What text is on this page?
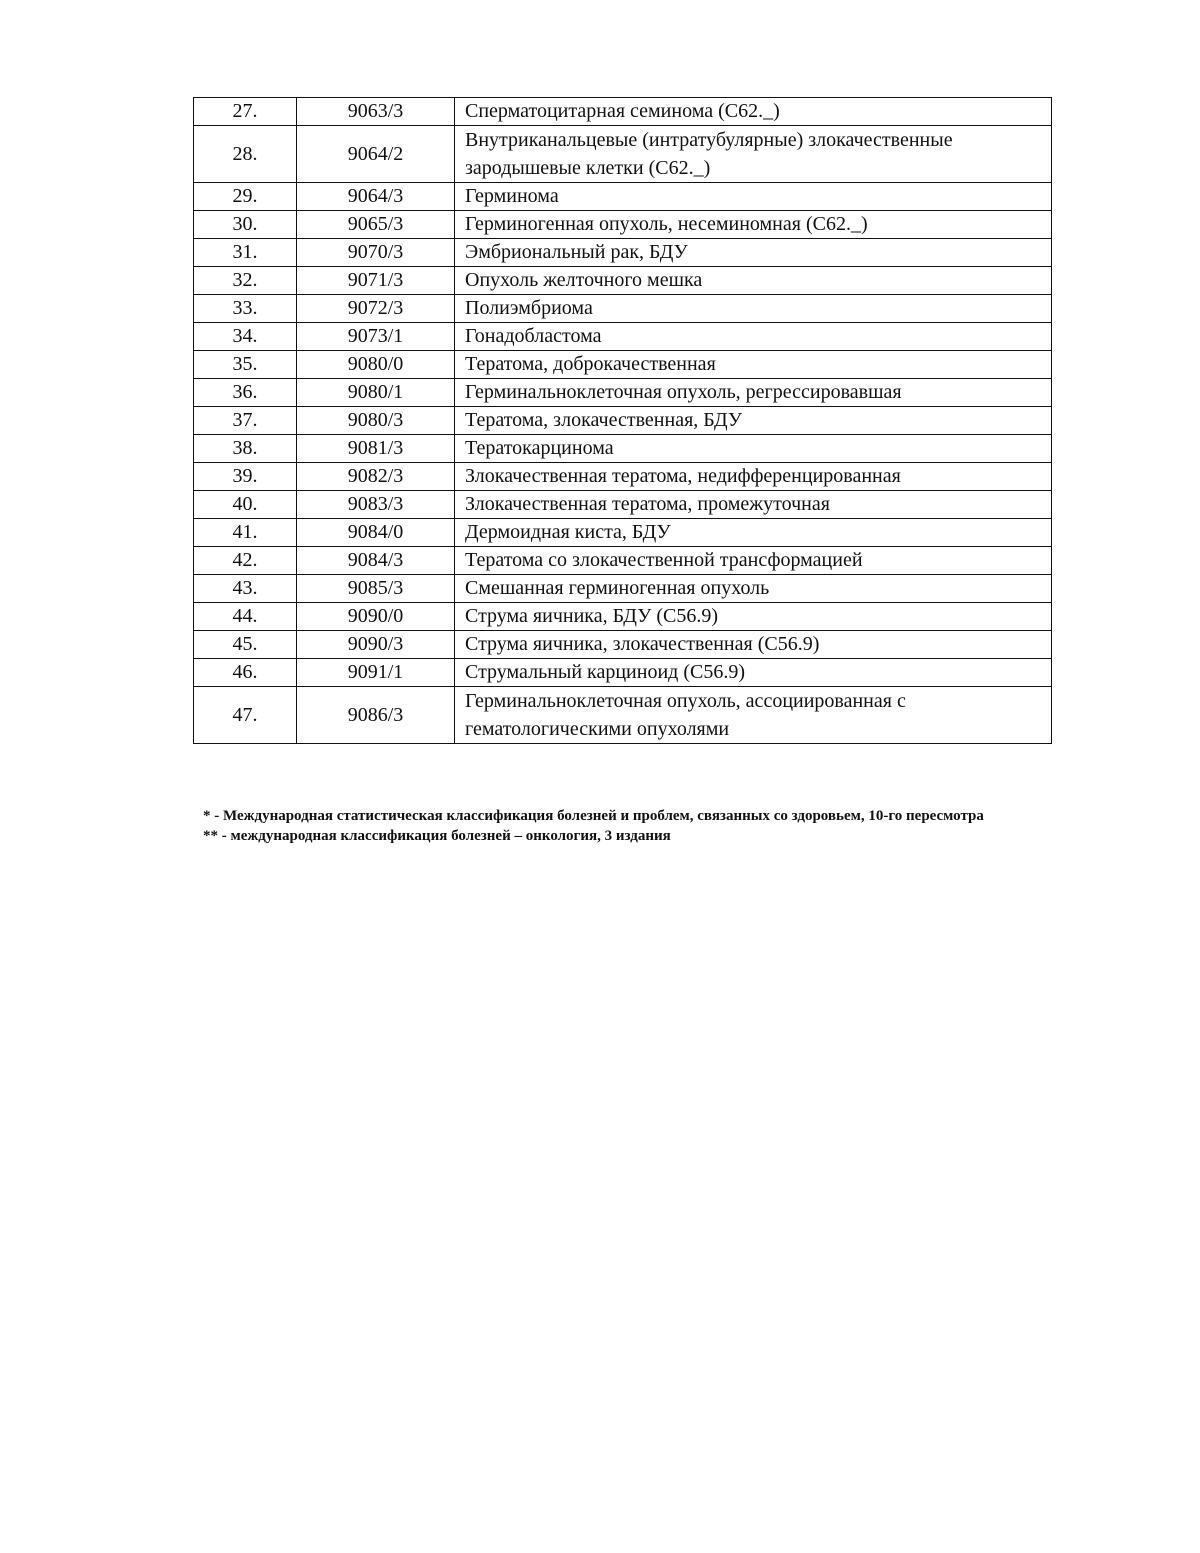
27.	9063/3	Сперматоцитарная семинома (С62._)
28.	9064/2	Внутриканальцевые (интратубулярные) злокачественные зародышевые клетки (С62._)
29.	9064/3	Герминома
30.	9065/3	Герминогенная опухоль, несеминомная (С62._)
31.	9070/3	Эмбриональный рак, БДУ
32.	9071/3	Опухоль желточного мешка
33.	9072/3	Полиэмбриома
34.	9073/1	Гонадобластома
35.	9080/0	Тератома, доброкачественная
36.	9080/1	Герминальноклеточная опухоль, регрессировавшая
37.	9080/3	Тератома, злокачественная, БДУ
38.	9081/3	Тератокарцинома
39.	9082/3	Злокачественная тератома, недифференцированная
40.	9083/3	Злокачественная тератома, промежуточная
41.	9084/0	Дермоидная киста, БДУ
42.	9084/3	Тератома со злокачественной трансформацией
43.	9085/3	Смешанная герминогенная опухоль
44.	9090/0	Струма яичника, БДУ (С56.9)
45.	9090/3	Струма яичника, злокачественная (С56.9)
46.	9091/1	Струмальный карциноид (С56.9)
47.	9086/3	Герминальноклеточная опухоль, ассоциированная с гематологическими опухолями

* - Международная статистическая классификация болезней и проблем, связанных со здоровьем, 10-го пересмотра

** - международная классификация болезней – онкология, 3 издания
